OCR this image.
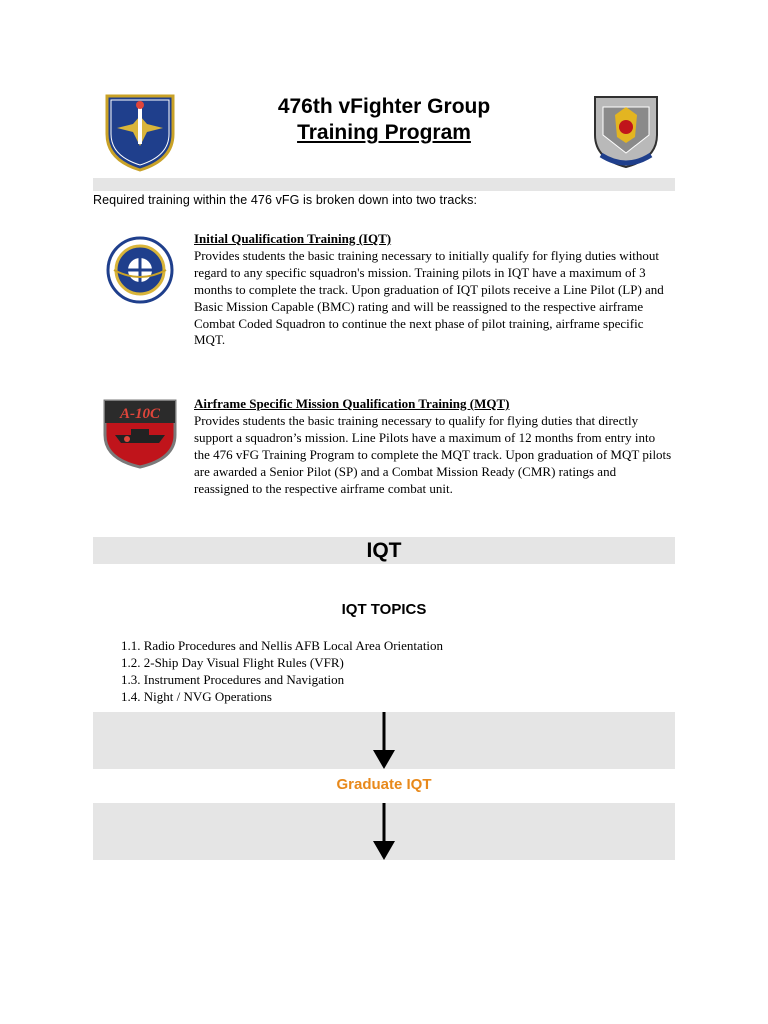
476th vFighter Group
Training Program
Required training within the 476 vFG is broken down into two tracks:
Initial Qualification Training (IQT)
Provides students the basic training necessary to initially qualify for flying duties without regard to any specific squadron's mission. Training pilots in IQT have a maximum of 3 months to complete the track. Upon graduation of IQT pilots receive a Line Pilot (LP) and Basic Mission Capable (BMC) rating and will be reassigned to the respective airframe Combat Coded Squadron to continue the next phase of pilot training, airframe specific MQT.
A-10C
Airframe Specific Mission Qualification Training (MQT)
Provides students the basic training necessary to qualify for flying duties that directly support a squadron’s mission. Line Pilots have a maximum of 12 months from entry into the 476 vFG Training Program to complete the MQT track. Upon graduation of MQT pilots are awarded a Senior Pilot (SP) and a Combat Mission Ready (CMR) ratings and reassigned to the respective airframe combat unit.
IQT
IQT TOPICS
1.1. Radio Procedures and Nellis AFB Local Area Orientation
1.2. 2-Ship Day Visual Flight Rules (VFR)
1.3. Instrument Procedures and Navigation
1.4. Night / NVG Operations
Graduate IQT
